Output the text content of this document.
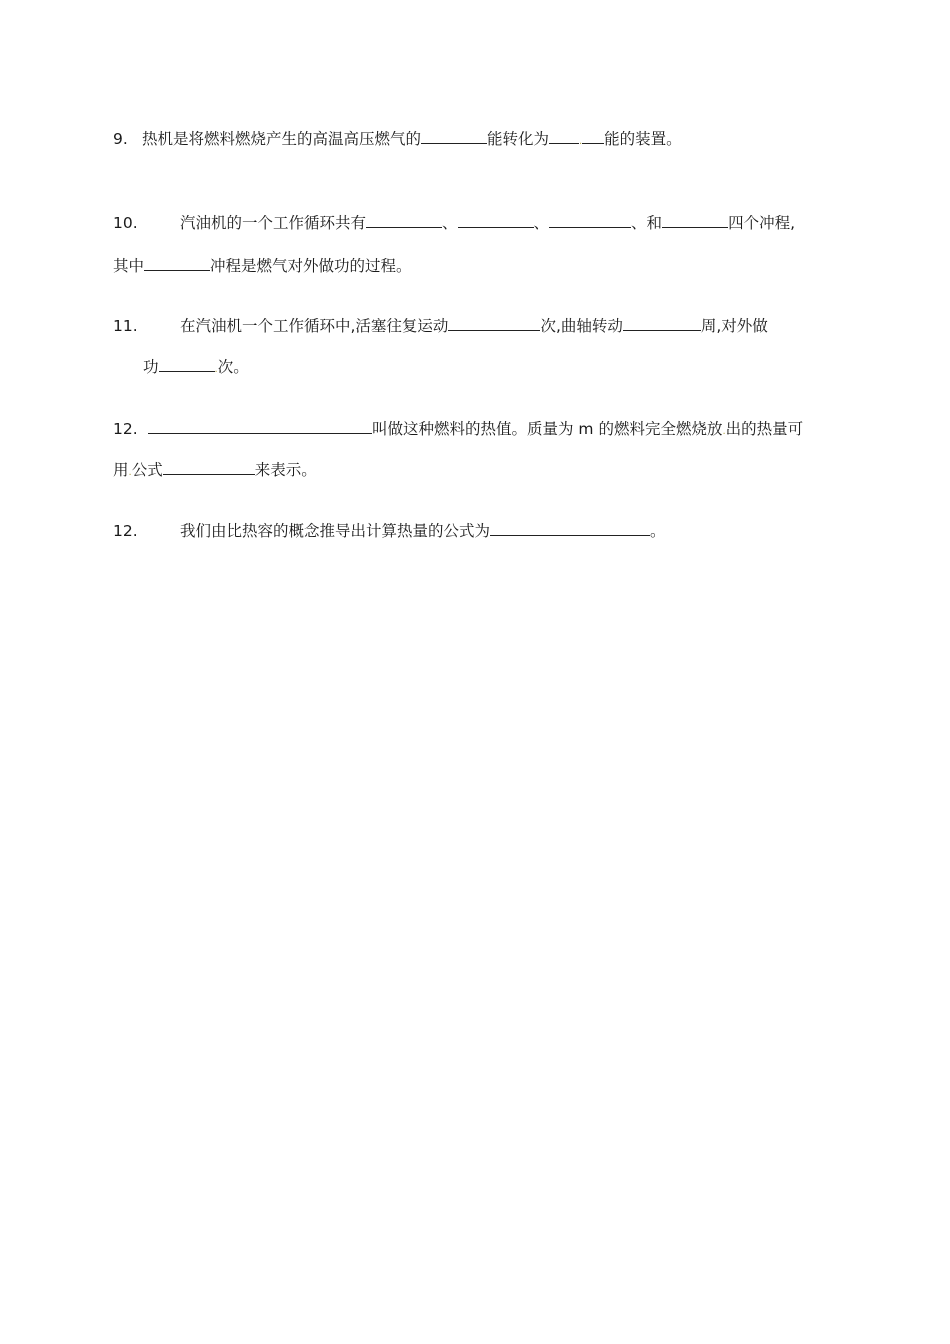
9. 热机是将燃料燃烧产生的高温高压燃气的	能转化为	. 能的装置。
10.	汽油机的一个工作循环共有	、	、	、和	四个冲程,
其中	冲程是燃气对外做功的过程。
11.	在汽油机一个工作循环中,活塞往复运动	次,曲轴转动	周,对外做
功	.次。
12.	叫做这种燃料的热值。质量为 m 的燃料完全燃烧放.出的热量可
用.公式	来表示。
12.	我们由比热容的概念推导出计算热量的公式为	。
